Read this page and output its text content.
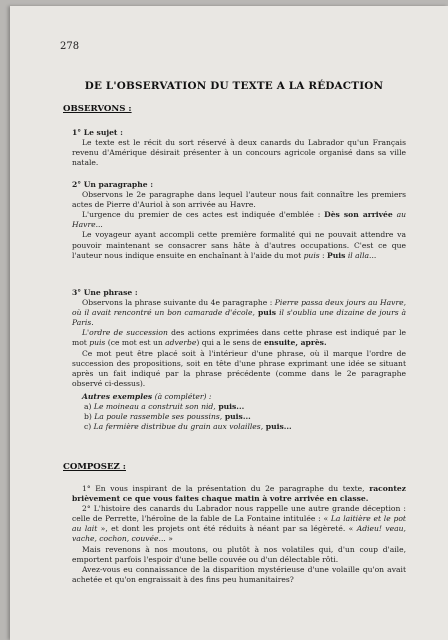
278
DE L'OBSERVATION DU TEXTE A LA RÉDACTION
OBSERVONS :

1° Le sujet :

Le texte est le récit du sort réservé à deux canards du Labrador qu'un Français revenu d'Amérique désirait présenter à un concours agricole organisé dans sa ville natale.

2° Un paragraphe :

Observons le 2e paragraphe dans lequel l'auteur nous fait connaître les premiers actes de Pierre d'Auriol à son arrivée au Havre.

L'urgence du premier de ces actes est indiquée d'emblée : Dès son arrivée au Havre...

Le voyageur ayant accompli cette première formalité qui ne pouvait attendre va pouvoir maintenant se consacrer sans hâte à d'autres occupations. C'est ce que l'auteur nous indique ensuite en enchaînant à l'aide du mot puis : Puis il alla...

3° Une phrase :

Observons la phrase suivante du 4e paragraphe : Pierre passa deux jours au Havre, où il avait rencontré un bon camarade d'école, puis il s'oublia une dizaine de jours à Paris.

L'ordre de succession des actions exprimées dans cette phrase est indiqué par le mot puis (ce mot est un adverbe) qui a le sens de ensuite, après.

Ce mot peut être placé soit à l'intérieur d'une phrase, où il marque l'ordre de succession des propositions, soit en tête d'une phrase exprimant une idée se situant après un fait indiqué par la phrase précédente (comme dans le 2e paragraphe observé ci-dessus).

Autres exemples (à compléter) :

a) Le moineau a construit son nid, puis...

b) La poule rassemble ses poussins, puis...

c) La fermière distribue du grain aux volailles, puis...

COMPOSEZ :

1° En vous inspirant de la présentation du 2e paragraphe du texte, racontez brièvement ce que vous faites chaque matin à votre arrivée en classe.

2° L'histoire des canards du Labrador nous rappelle une autre grande déception : celle de Perrette, l'héroïne de la fable de La Fontaine intitulée : « La laitière et le pot au lait », et dont les projets ont été réduits à néant par sa légèreté. « Adieu! veau, vache, cochon, couvée... »

Mais revenons à nos moutons, ou plutôt à nos volatiles qui, d'un coup d'aile, emportent parfois l'espoir d'une belle couvée ou d'un délectable rôti.

Avez-vous eu connaissance de la disparition mystérieuse d'une volaille qu'on avait achetée et qu'on engraissait à des fins peu humanitaires?
